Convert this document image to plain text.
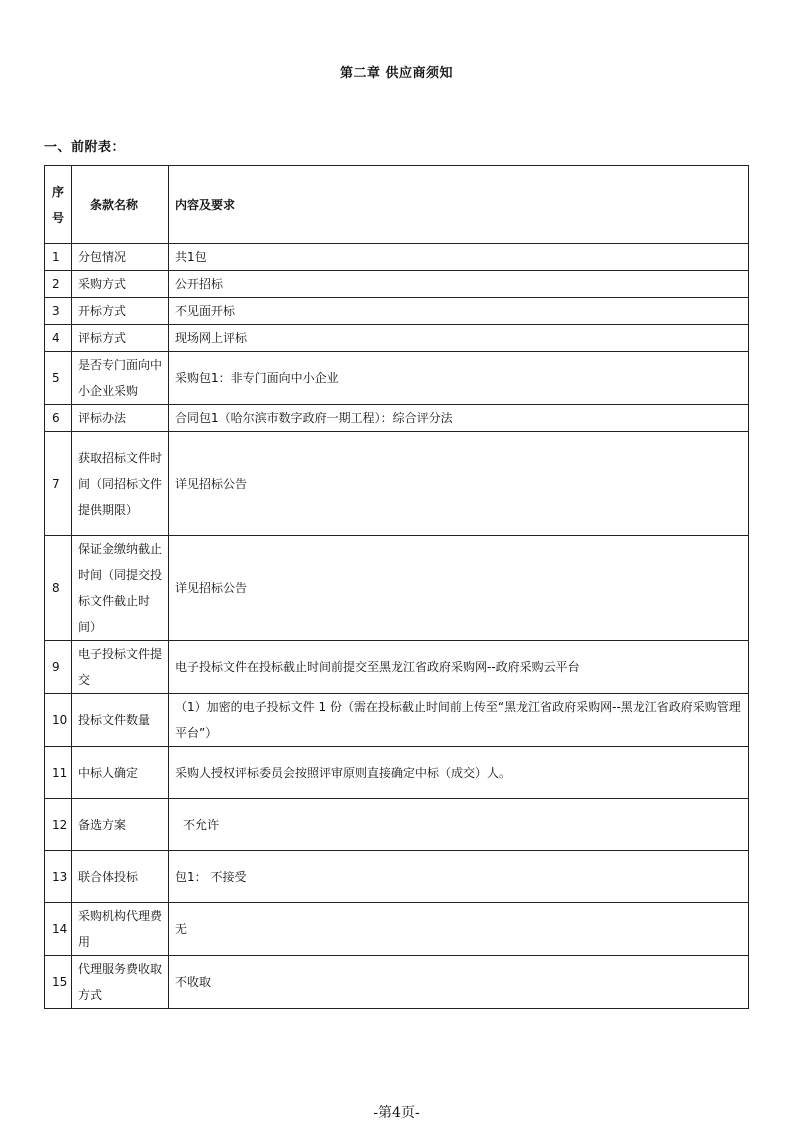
第二章 供应商须知
一、前附表：
序号	条款名称	内容及要求
1	分包情况	共1包
2	采购方式	公开招标
3	开标方式	不见面开标
4	评标方式	现场网上评标
5	是否专门面向中小企业采购	采购包1：非专门面向中小企业
6	评标办法	合同包1（哈尔滨市数字政府一期工程）：综合评分法
7	获取招标文件时间（同招标文件提供期限）	详见招标公告
8	保证金缴纳截止时间（同提交投标文件截止时间）	详见招标公告
9	电子投标文件提交	电子投标文件在投标截止时间前提交至黑龙江省政府采购网--政府采购云平台
10	投标文件数量	（1）加密的电子投标文件 1 份（需在投标截止时间前上传至“黑龙江省政府采购网--黑龙江省政府采购管理平台”）
11	中标人确定	采购人授权评标委员会按照评审原则直接确定中标（成交）人。
12	备选方案	不允许
13	联合体投标	包1： 不接受
14	采购机构代理费用	无
15	代理服务费收取方式	不收取
-第4页-
